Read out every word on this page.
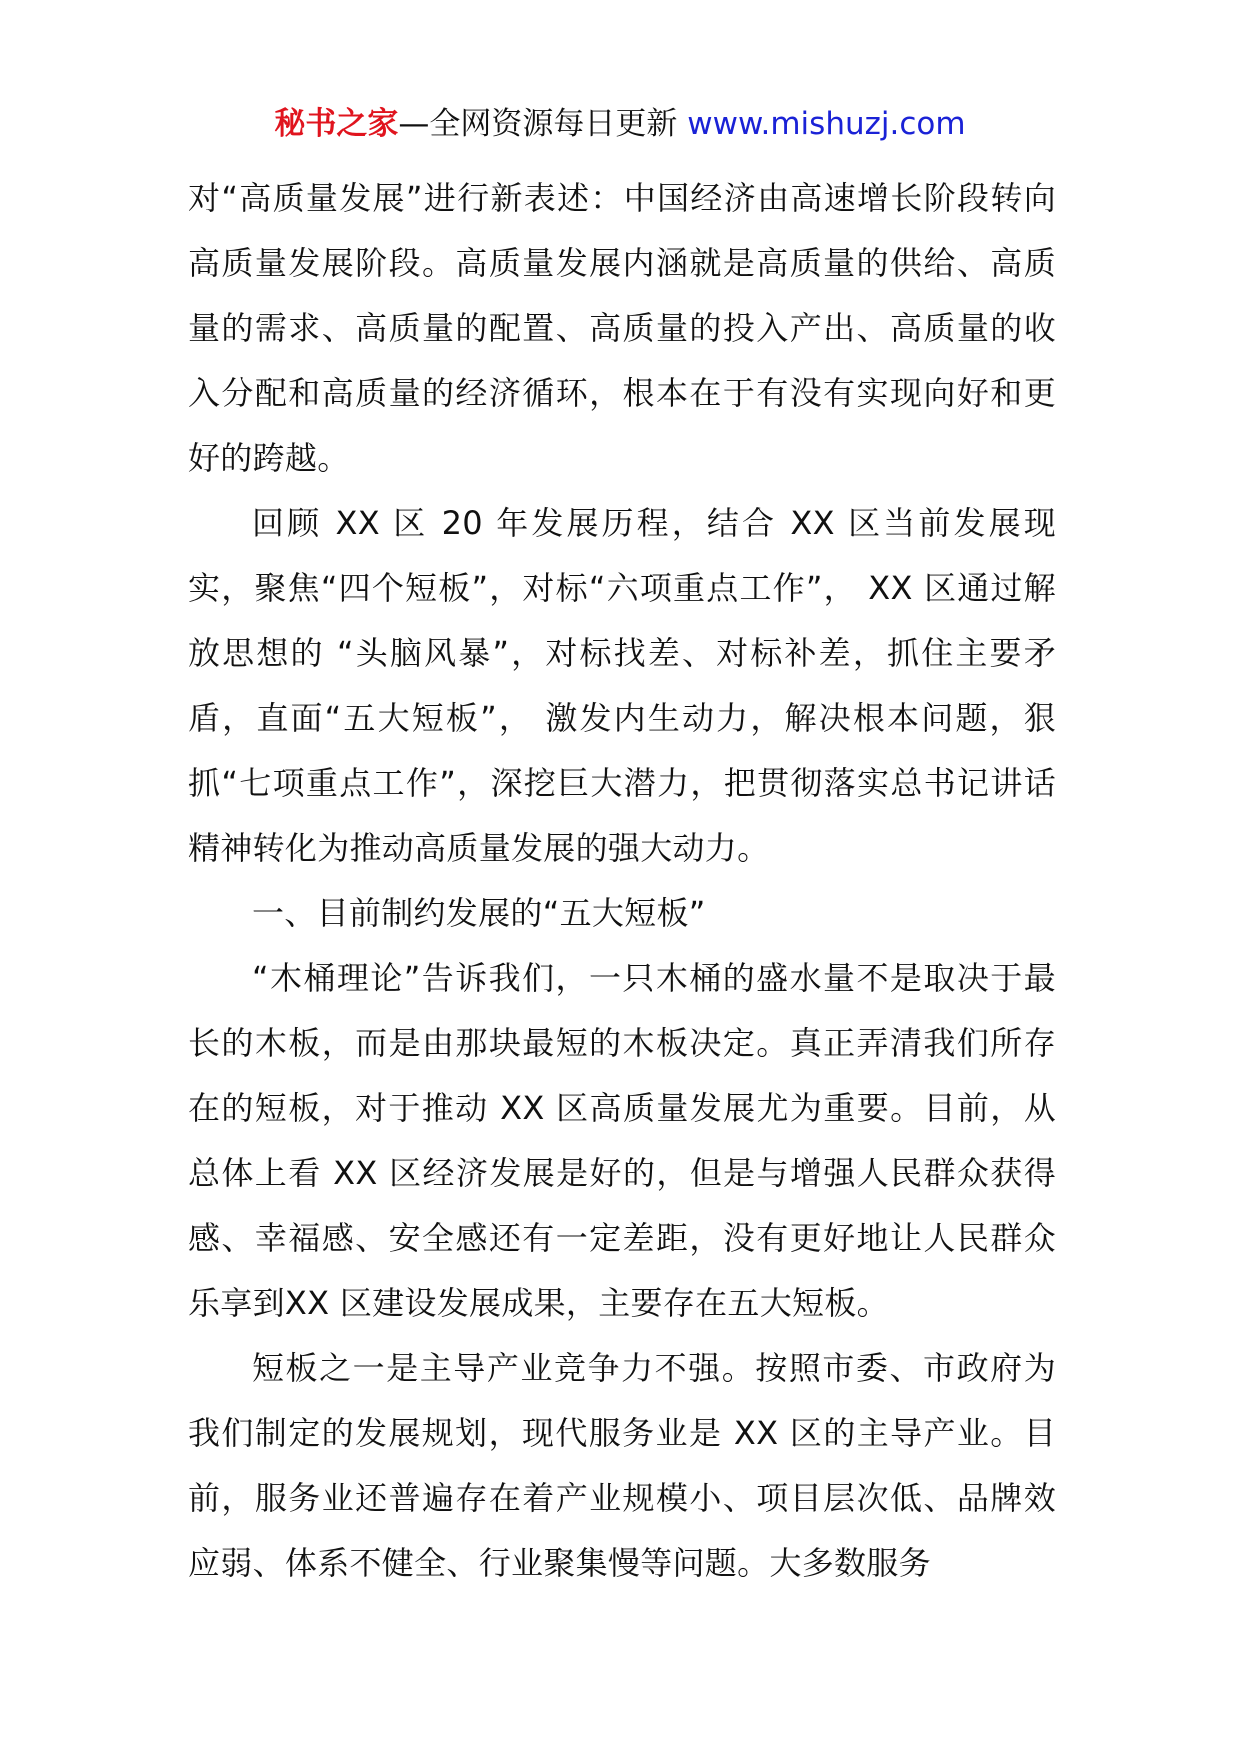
秘书之家—全网资源每日更新 www.mishuzj.com

对“高质量发展”进行新表述：中国经济由高速增长阶段转向高质量发展阶段。高质量发展内涵就是高质量的供给、高质量的需求、高质量的配置、高质量的投入产出、高质量的收入分配和高质量的经济循环，根本在于有没有实现向好和更好的跨越。

回顾 XX 区 20 年发展历程，结合 XX 区当前发展现实，聚焦“四个短板”，对标“六项重点工作”， XX 区通过解放思想的 “头脑风暴”，对标找差、对标补差，抓住主要矛盾，直面“五大短板”， 激发内生动力，解决根本问题，狠抓“七项重点工作”，深挖巨大潜力，把贯彻落实总书记讲话精神转化为推动高质量发展的强大动力。

一、目前制约发展的“五大短板”

“木桶理论”告诉我们，一只木桶的盛水量不是取决于最长的木板，而是由那块最短的木板决定。真正弄清我们所存在的短板，对于推动 XX 区高质量发展尤为重要。目前，从总体上看 XX 区经济发展是好的，但是与增强人民群众获得感、幸福感、安全感还有一定差距，没有更好地让人民群众乐享到XX 区建设发展成果，主要存在五大短板。

短板之一是主导产业竞争力不强。按照市委、市政府为我们制定的发展规划，现代服务业是 XX 区的主导产业。目前，服务业还普遍存在着产业规模小、项目层次低、品牌效应弱、体系不健全、行业聚集慢等问题。大多数服务
